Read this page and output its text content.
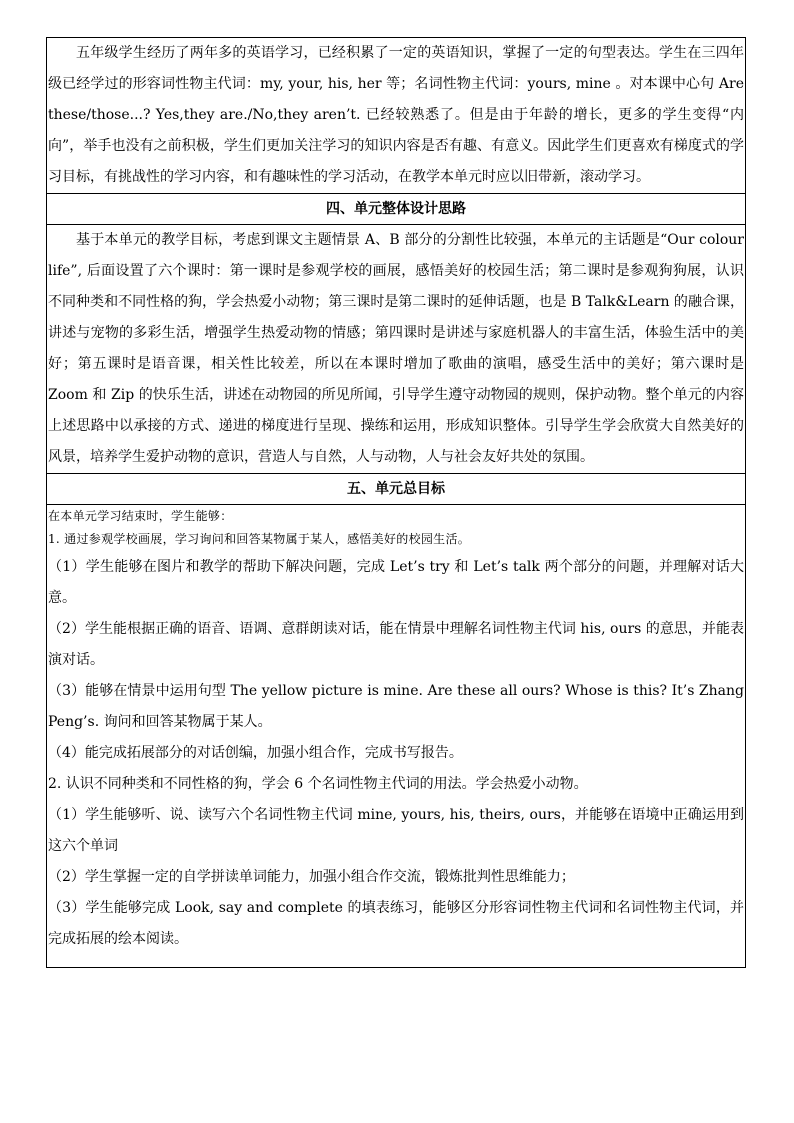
五年级学生经历了两年多的英语学习，已经积累了一定的英语知识，掌握了一定的句型表达。学生在三四年级已经学过的形容词性物主代词：my, your, his, her 等；名词性物主代词：yours, mine 。对本课中心句 Are these/those...? Yes,they are./No,they aren’t. 已经较熟悉了。但是由于年龄的增长，更多的学生变得“内向”，举手也没有之前积极，学生们更加关注学习的知识内容是否有趣、有意义。因此学生们更喜欢有梯度式的学习目标，有挑战性的学习内容，和有趣味性的学习活动，在教学本单元时应以旧带新，滚动学习。

四、单元整体设计思路

基于本单元的教学目标，考虑到课文主题情景 A、B 部分的分割性比较强，本单元的主话题是“Our colour life”, 后面设置了六个课时：第一课时是参观学校的画展，感悟美好的校园生活；第二课时是参观狗狗展，认识不同种类和不同性格的狗，学会热爱小动物；第三课时是第二课时的延伸话题，也是 B Talk&Learn 的融合课，讲述与宠物的多彩生活，增强学生热爱动物的情感；第四课时是讲述与家庭机器人的丰富生活，体验生活中的美好；第五课时是语音课，相关性比较差，所以在本课时增加了歌曲的演唱，感受生活中的美好；第六课时是 Zoom 和 Zip 的快乐生活，讲述在动物园的所见所闻，引导学生遵守动物园的规则，保护动物。整个单元的内容上述思路中以承接的方式、递进的梯度进行呈现、操练和运用，形成知识整体。引导学生学会欣赏大自然美好的风景，培养学生爱护动物的意识，营造人与自然，人与动物，人与社会友好共处的氛围。

五、单元总目标

在本单元学习结束时，学生能够：

1. 通过参观学校画展，学习询问和回答某物属于某人，感悟美好的校园生活。

（1）学生能够在图片和教学的帮助下解决问题，完成 Let’s try 和 Let’s talk 两个部分的问题，并理解对话大意。

（2）学生能根据正确的语音、语调、意群朗读对话，能在情景中理解名词性物主代词 his, ours 的意思，并能表演对话。

（3）能够在情景中运用句型 The yellow picture is mine. Are these all ours? Whose is this? It’s Zhang Peng’s. 询问和回答某物属于某人。

（4）能完成拓展部分的对话创编，加强小组合作，完成书写报告。

2. 认识不同种类和不同性格的狗，学会 6 个名词性物主代词的用法。学会热爱小动物。

（1）学生能够听、说、读写六个名词性物主代词 mine, yours, his, theirs, ours，并能够在语境中正确运用到这六个单词

（2）学生掌握一定的自学拼读单词能力，加强小组合作交流，锻炼批判性思维能力；

（3）学生能够完成 Look, say and complete 的填表练习，能够区分形容词性物主代词和名词性物主代词，并完成拓展的绘本阅读。
